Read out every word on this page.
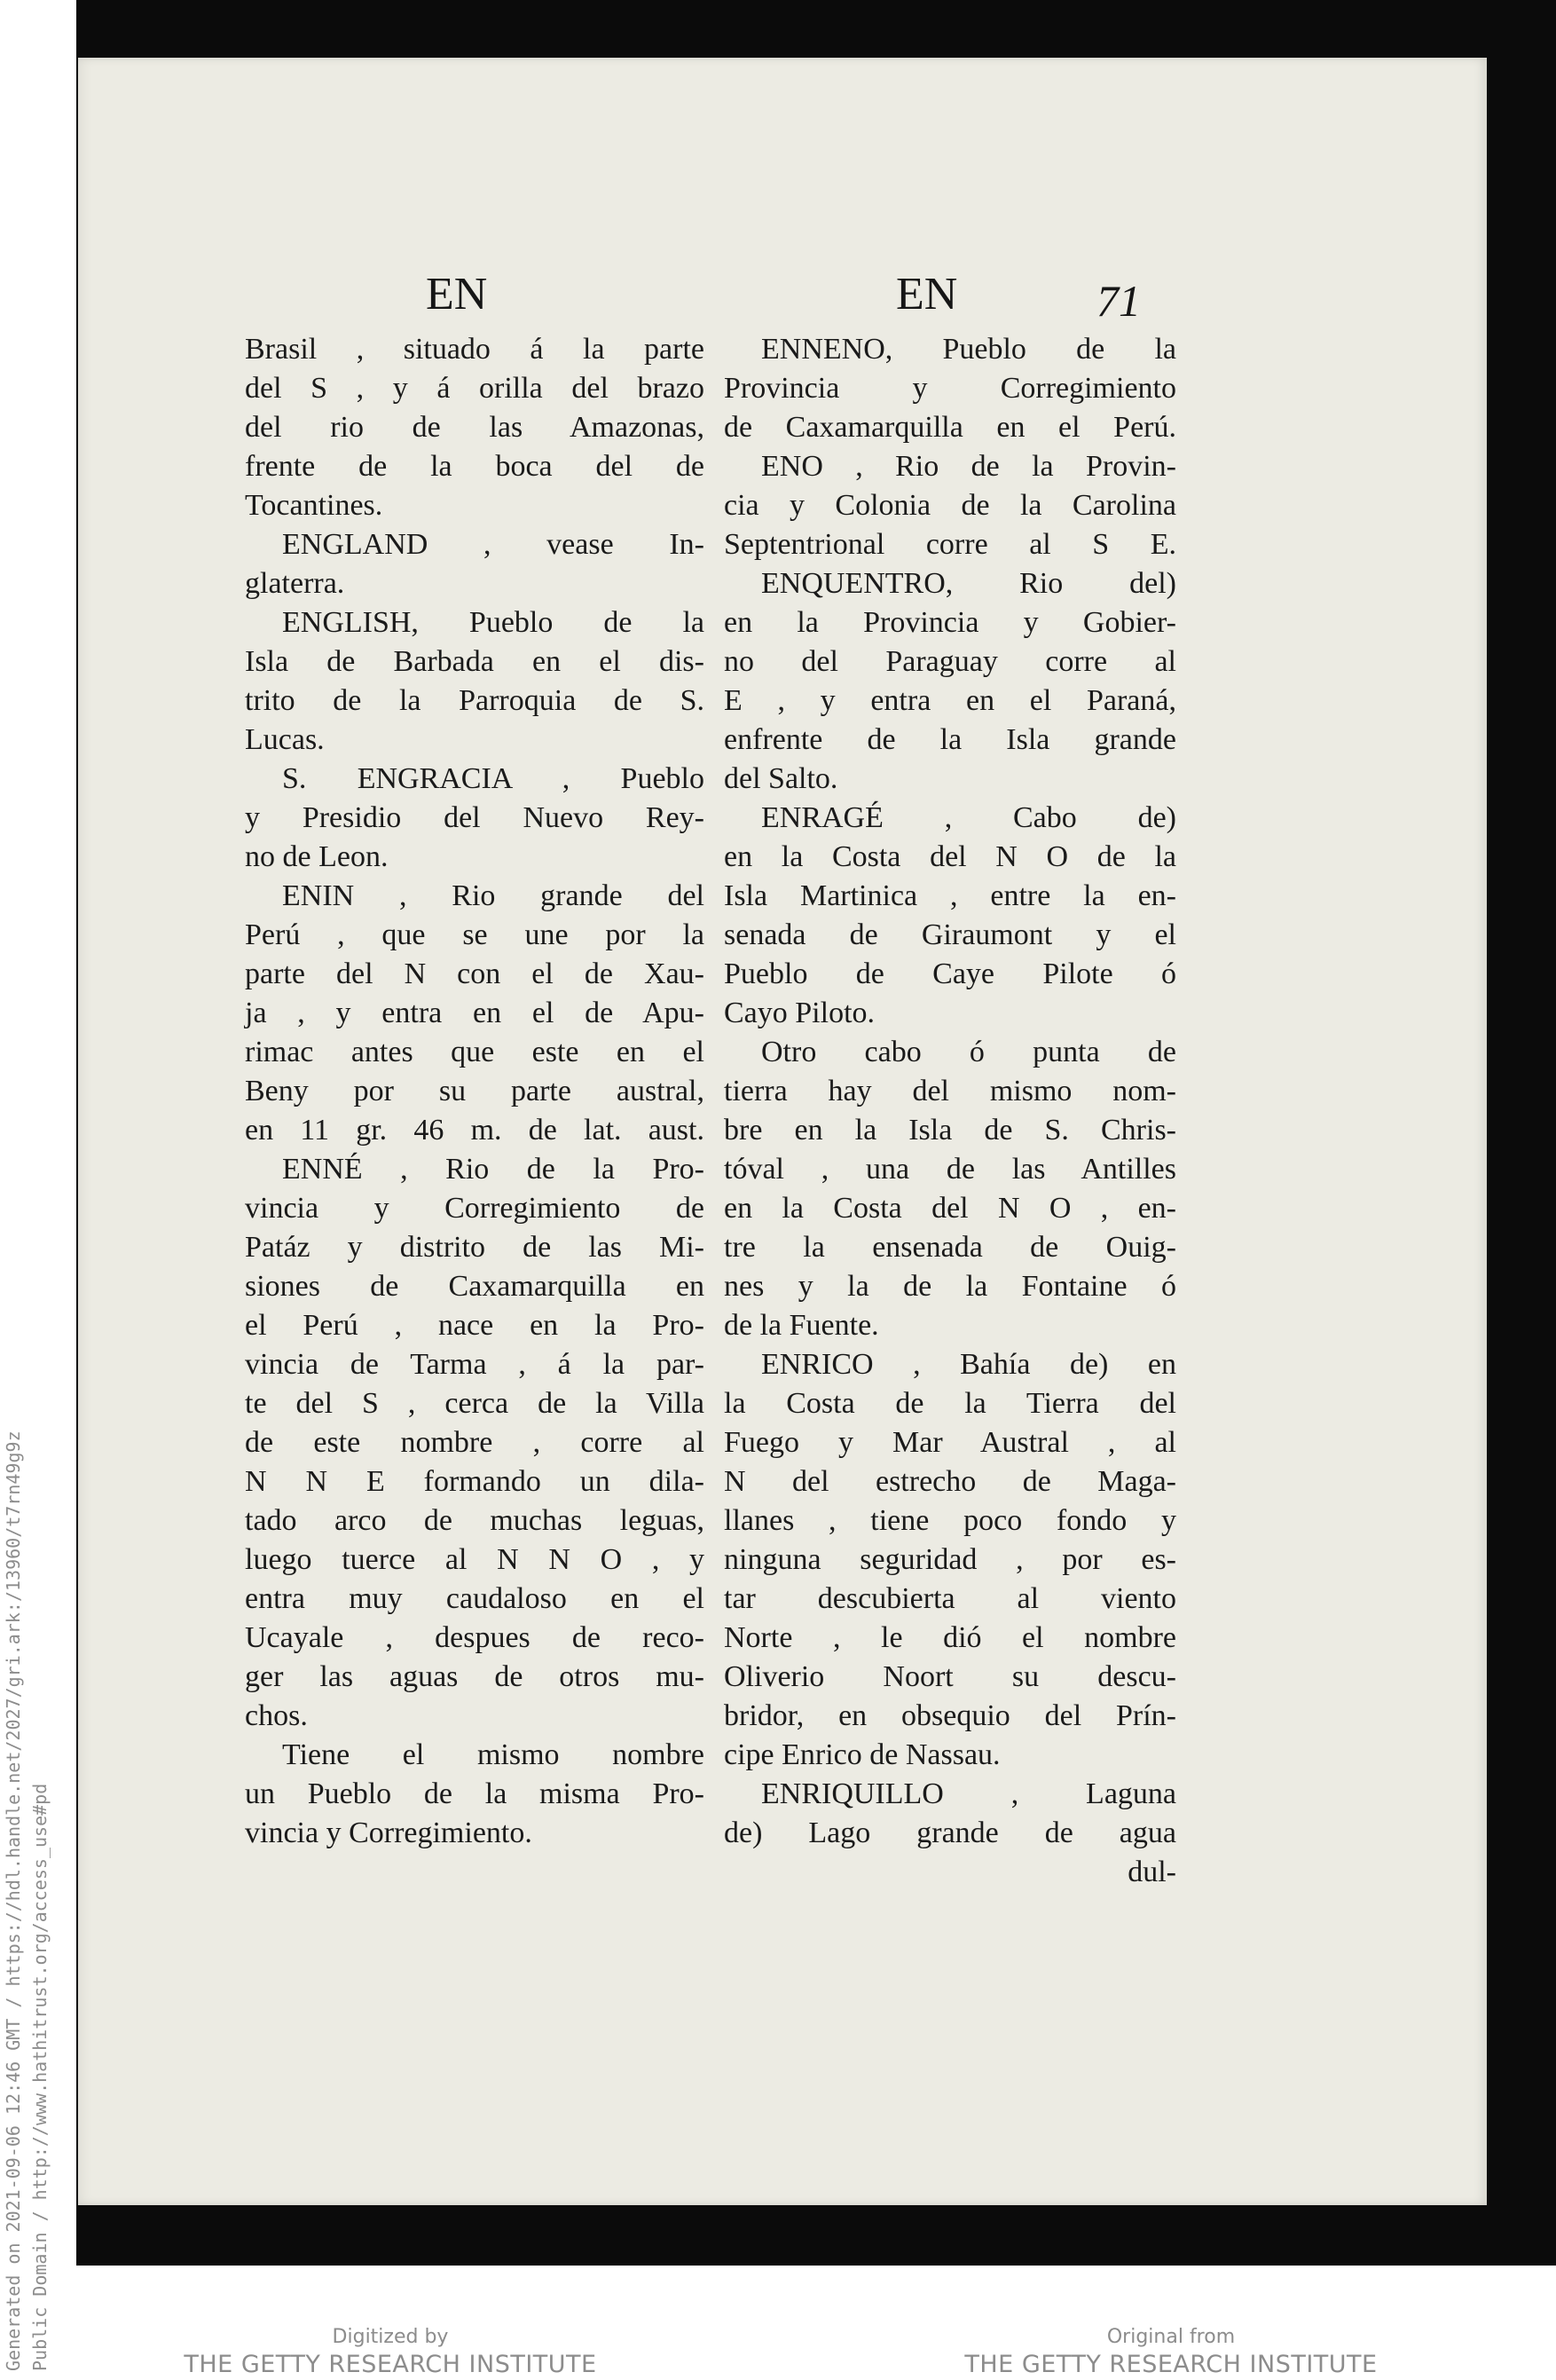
EN	EN	71
Brasil , situado á la parte
del S , y á orilla del brazo
del rio de las Amazonas,
frente de la boca del de
Tocantines.
ENGLAND , vease In-
glaterra.
ENGLISH, Pueblo de la
Isla de Barbada en el dis-
trito de la Parroquia de S.
Lucas.
S. ENGRACIA , Pueblo
y Presidio del Nuevo Rey-
no de Leon.
ENIN , Rio grande del
Perú , que se une por la
parte del N con el de Xau-
ja , y entra en el de Apu-
rimac antes que este en el
Beny por su parte austral,
en 11 gr. 46 m. de lat. aust.
ENNÉ , Rio de la Pro-
vincia y Corregimiento de
Patáz y distrito de las Mi-
siones de Caxamarquilla en
el Perú , nace en la Pro-
vincia de Tarma , á la par-
te del S , cerca de la Villa
de este nombre , corre al
N N E formando un dila-
tado arco de muchas leguas,
luego tuerce al N N O , y
entra muy caudaloso en el
Ucayale , despues de reco-
ger las aguas de otros mu-
chos.
Tiene el mismo nombre
un Pueblo de la misma Pro-
vincia y Corregimiento.
ENNENO, Pueblo de la
Provincia y Corregimiento
de Caxamarquilla en el Perú.
ENO , Rio de la Provin-
cia y Colonia de la Carolina
Septentrional corre al S E.
ENQUENTRO, Rio del)
en la Provincia y Gobier-
no del Paraguay corre al
E , y entra en el Paraná,
enfrente de la Isla grande
del Salto.
ENRAGÉ , Cabo de)
en la Costa del N O de la
Isla Martinica , entre la en-
senada de Giraumont y el
Pueblo de Caye Pilote ó
Cayo Piloto.
Otro cabo ó punta de
tierra hay del mismo nom-
bre en la Isla de S. Chris-
tóval , una de las Antilles
en la Costa del N O , en-
tre la ensenada de Ouig-
nes y la de la Fontaine ó
de la Fuente.
ENRICO , Bahía de) en
la Costa de la Tierra del
Fuego y Mar Austral , al
N del estrecho de Maga-
llanes , tiene poco fondo y
ninguna seguridad , por es-
tar descubierta al viento
Norte , le dió el nombre
Oliverio Noort su descu-
bridor, en obsequio del Prín-
cipe Enrico de Nassau.
ENRIQUILLO , Laguna
de) Lago grande de agua
dul-
Generated on 2021-09-06 12:46 GMT / https://hdl.handle.net/2027/gri.ark:/13960/t7rn49g9z Public Domain / http://www.hathitrust.org/access_use#pd	Digitized by
THE GETTY RESEARCH INSTITUTE
Original from
THE GETTY RESEARCH INSTITUTE
